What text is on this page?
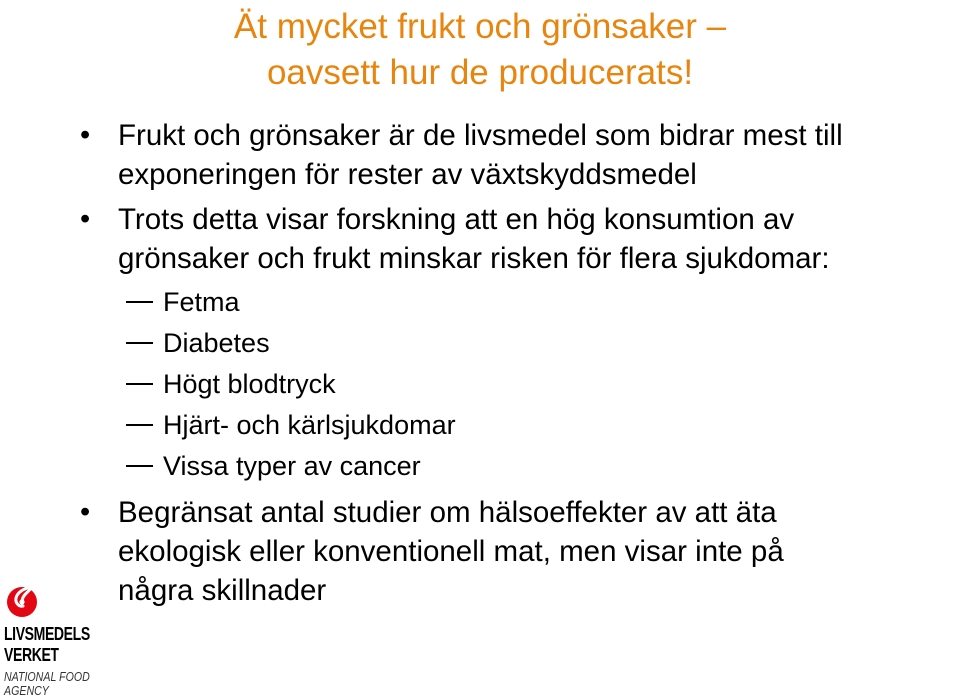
Ät mycket frukt och grönsaker –
oavsett hur de producerats!
• Frukt och grönsaker är de livsmedel som bidrar mest till
exponeringen för rester av växtskyddsmedel
• Trots detta visar forskning att en hög konsumtion av
grönsaker och frukt minskar risken för flera sjukdomar:
Fetma
Diabetes
Högt blodtryck
Hjärt- och kärlsjukdomar
Vissa typer av cancer
• Begränsat antal studier om hälsoeffekter av att äta
ekologisk eller konventionell mat, men visar inte på
några skillnader
LIVSMEDELS
VERKET
NATIONAL FOOD
AGENCY
